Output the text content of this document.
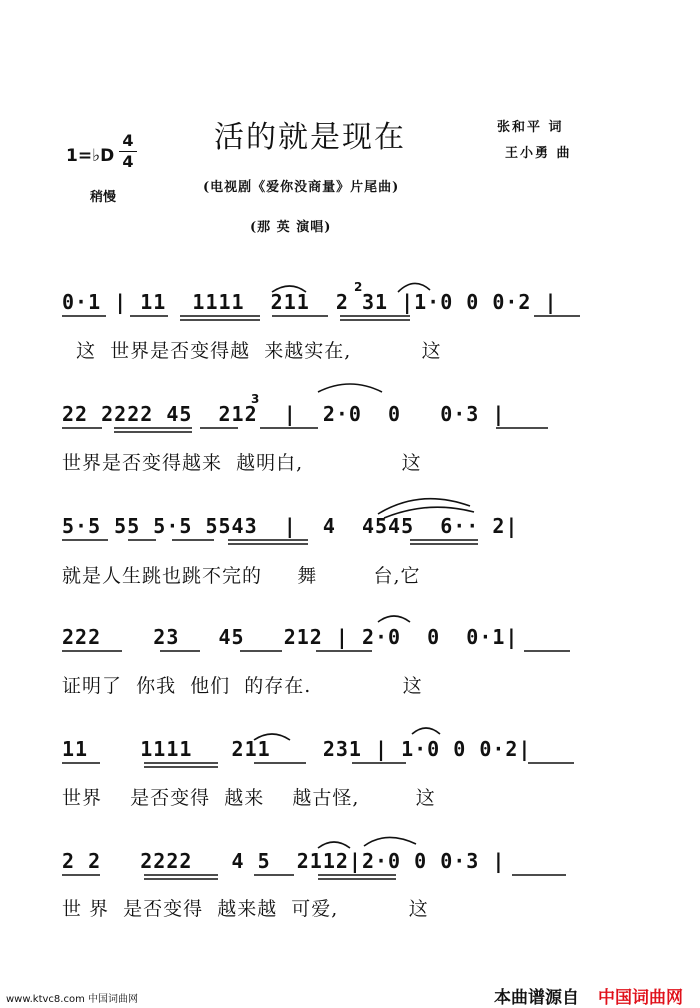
活的就是现在	张和平 词
王小勇 曲
(电视剧《爱你没商量》片尾曲)
(那 英 演唱)
1=♭D
4
4
稍慢
0·1 | 11  1111  211  2 31 |1·0 0 0·2 |
这  世界是否变得越  来越实在,          这
22 2222 45  212  |  2·0  0   0·3 |
世界是否变得越来  越明白,              这
5·5 55 5·5 5543  |  4  4545  6·· 2|
就是人生跳也跳不完的     舞        台,它
222    23   45   212 | 2·0  0  0·1|
证明了  你我  他们  的存在.             这
11    1111   211    231 | 1·0 0 0·2|
世界    是否变得  越来    越古怪,        这
2 2   2222   4 5  2112|2·0 0 0·3 |
世 界  是否变得  越来越  可爱,          这
2
3
www.ktvc8.com 中国词曲网	本曲谱源自 中国词曲网
